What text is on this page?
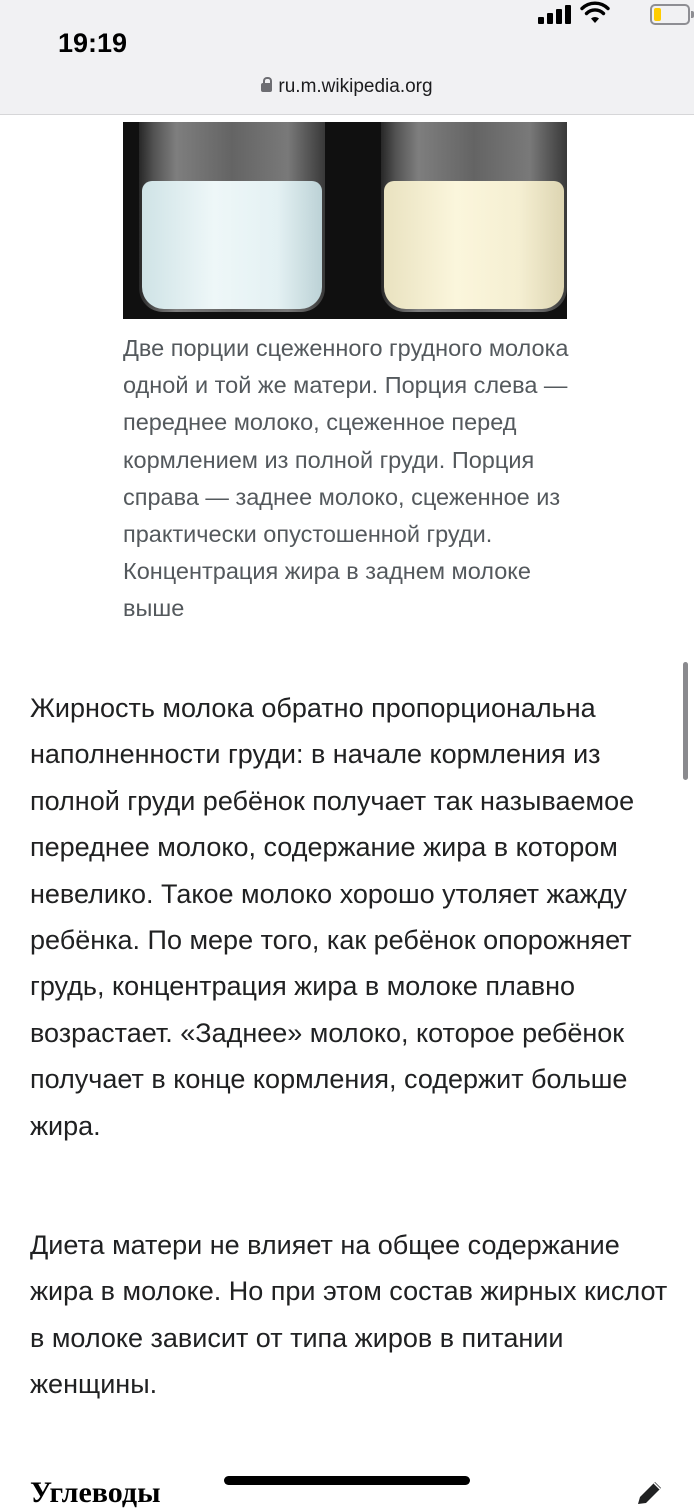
19:19
ru.m.wikipedia.org
Две порции сцеженного грудного молока одной и той же матери. Порция слева — переднее молоко, сцеженное перед кормлением из полной груди. Порция справа — заднее молоко, сцеженное из практически опустошенной груди. Концентрация жира в заднем молоке выше

Жирность молока обратно пропорциональна наполненности груди: в начале кормления из полной груди ребёнок получает так называемое переднее молоко, содержание жира в котором невелико. Такое молоко хорошо утоляет жажду ребёнка. По мере того, как ребёнок опорожняет грудь, концентрация жира в молоке плавно возрастает. «Заднее» молоко, которое ребёнок получает в конце кормления, содержит больше жира.

Диета матери не влияет на общее содержание жира в молоке. Но при этом состав жирных кислот в молоке зависит от типа жиров в питании женщины.

Углеводы
